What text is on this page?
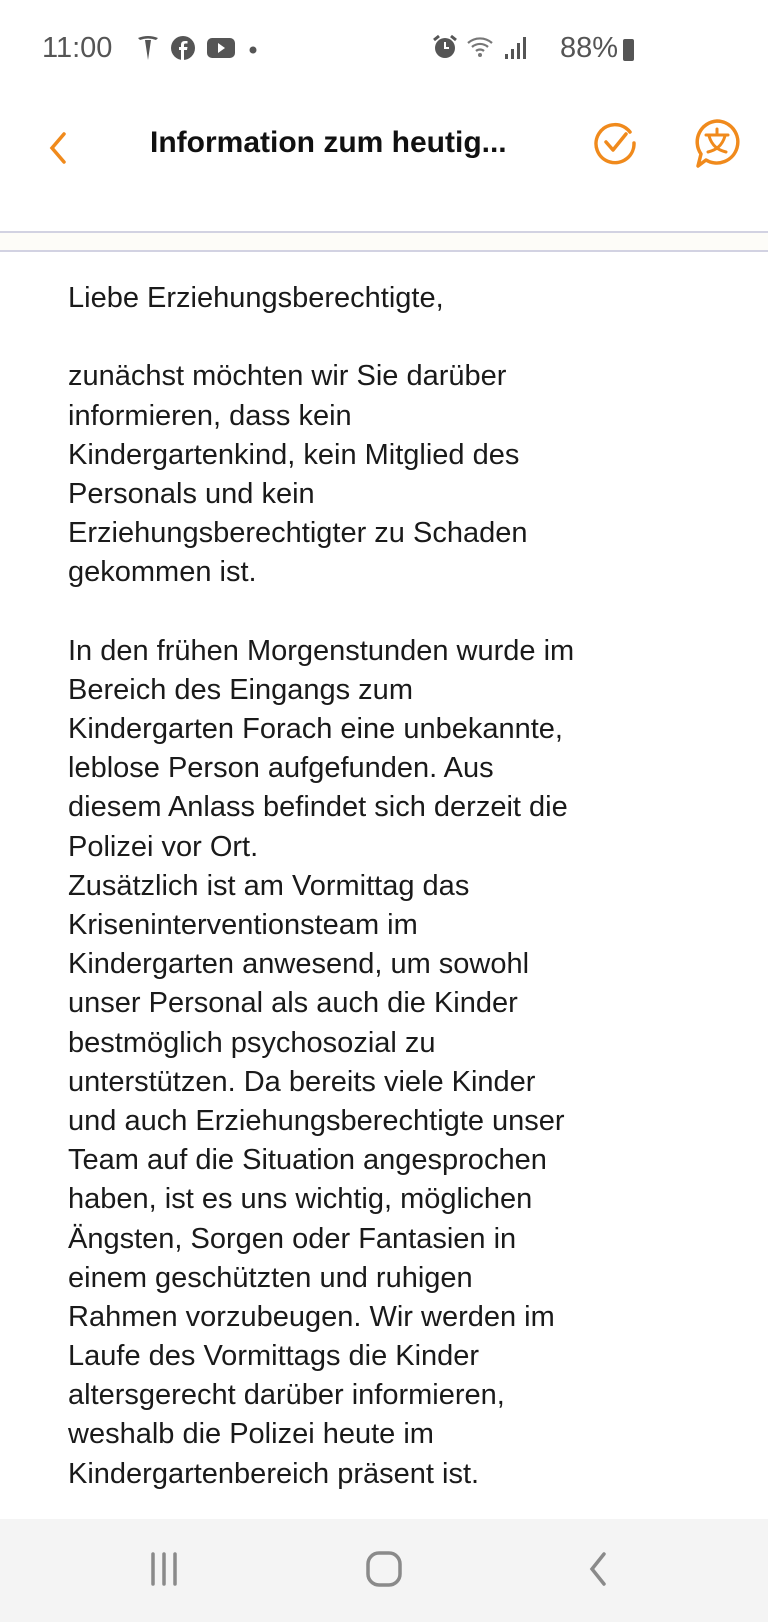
11:00	88%
Information zum heutig...
Liebe Erziehungsberechtigte,
zunächst möchten wir Sie darüber
informieren, dass kein
Kindergartenkind, kein Mitglied des
Personals und kein
Erziehungsberechtigter zu Schaden
gekommen ist.
In den frühen Morgenstunden wurde im
Bereich des Eingangs zum
Kindergarten Forach eine unbekannte,
leblose Person aufgefunden. Aus
diesem Anlass befindet sich derzeit die
Polizei vor Ort.
Zusätzlich ist am Vormittag das
Kriseninterventionsteam im
Kindergarten anwesend, um sowohl
unser Personal als auch die Kinder
bestmöglich psychosozial zu
unterstützen. Da bereits viele Kinder
und auch Erziehungsberechtigte unser
Team auf die Situation angesprochen
haben, ist es uns wichtig, möglichen
Ängsten, Sorgen oder Fantasien in
einem geschützten und ruhigen
Rahmen vorzubeugen. Wir werden im
Laufe des Vormittags die Kinder
altersgerecht darüber informieren,
weshalb die Polizei heute im
Kindergartenbereich präsent ist.
